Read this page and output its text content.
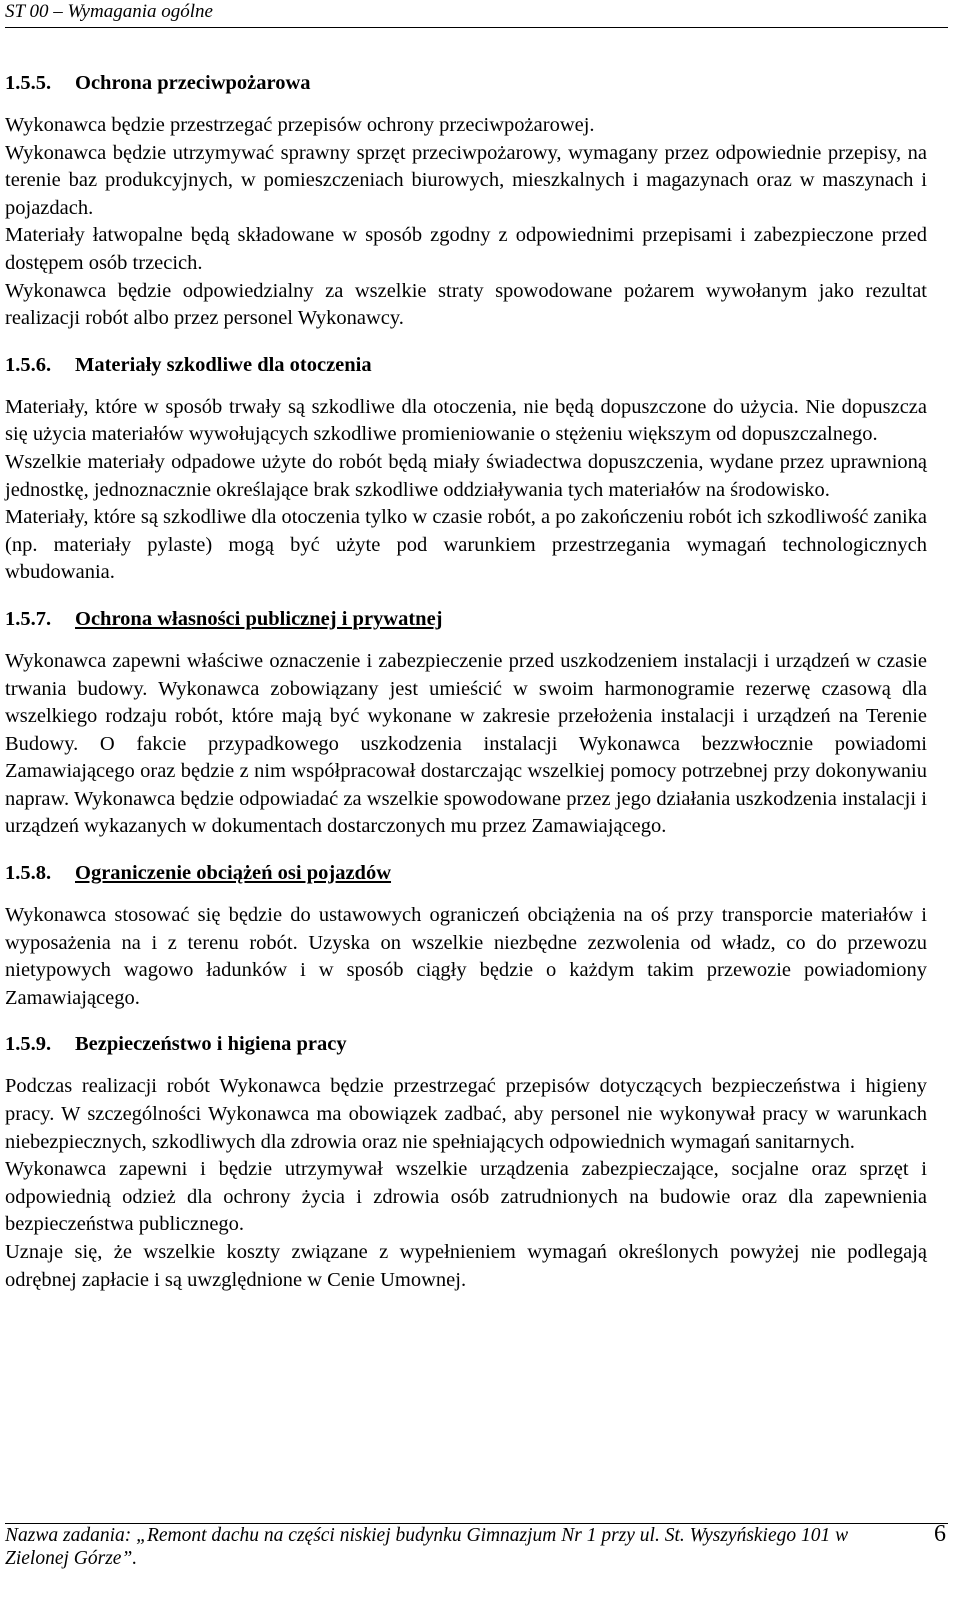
ST 00 – Wymagania ogólne
1.5.5. Ochrona przeciwpożarowa

Wykonawca będzie przestrzegać przepisów ochrony przeciwpożarowej.

Wykonawca będzie utrzymywać sprawny sprzęt przeciwpożarowy, wymagany przez odpowiednie przepisy, na terenie baz produkcyjnych, w pomieszczeniach biurowych, mieszkalnych i magazynach oraz w maszynach i pojazdach.

Materiały łatwopalne będą składowane w sposób zgodny z odpowiednimi przepisami i zabezpieczone przed dostępem osób trzecich.

Wykonawca będzie odpowiedzialny za wszelkie straty spowodowane pożarem wywołanym jako rezultat realizacji robót albo przez personel Wykonawcy.

1.5.6. Materiały szkodliwe dla otoczenia

Materiały, które w sposób trwały są szkodliwe dla otoczenia, nie będą dopuszczone do użycia. Nie dopuszcza się użycia materiałów wywołujących szkodliwe promieniowanie o stężeniu większym od dopuszczalnego.

Wszelkie materiały odpadowe użyte do robót będą miały świadectwa dopuszczenia, wydane przez uprawnioną jednostkę, jednoznacznie określające brak szkodliwe oddziaływania tych materiałów na środowisko.

Materiały, które są szkodliwe dla otoczenia tylko w czasie robót, a po zakończeniu robót ich szkodliwość zanika (np. materiały pylaste) mogą być użyte pod warunkiem przestrzegania wymagań technologicznych wbudowania.

1.5.7. Ochrona własności publicznej i prywatnej

Wykonawca zapewni właściwe oznaczenie i zabezpieczenie przed uszkodzeniem instalacji i urządzeń w czasie trwania budowy. Wykonawca zobowiązany jest umieścić w swoim harmonogramie rezerwę czasową dla wszelkiego rodzaju robót, które mają być wykonane w zakresie przełożenia instalacji i urządzeń na Terenie Budowy. O fakcie przypadkowego uszkodzenia instalacji Wykonawca bezzwłocznie powiadomi Zamawiającego oraz będzie z nim współpracował dostarczając wszelkiej pomocy potrzebnej przy dokonywaniu napraw. Wykonawca będzie odpowiadać za wszelkie spowodowane przez jego działania uszkodzenia instalacji i urządzeń wykazanych w dokumentach dostarczonych mu przez Zamawiającego.

1.5.8. Ograniczenie obciążeń osi pojazdów

Wykonawca stosować się będzie do ustawowych ograniczeń obciążenia na oś przy transporcie materiałów i wyposażenia na i z terenu robót. Uzyska on wszelkie niezbędne zezwolenia od władz, co do przewozu nietypowych wagowo ładunków i w sposób ciągły będzie o każdym takim przewozie powiadomiony Zamawiającego.

1.5.9. Bezpieczeństwo i higiena pracy

Podczas realizacji robót Wykonawca będzie przestrzegać przepisów dotyczących bezpieczeństwa i higieny pracy. W szczególności Wykonawca ma obowiązek zadbać, aby personel nie wykonywał pracy w warunkach niebezpiecznych, szkodliwych dla zdrowia oraz nie spełniających odpowiednich wymagań sanitarnych.

Wykonawca zapewni i będzie utrzymywał wszelkie urządzenia zabezpieczające, socjalne oraz sprzęt i odpowiednią odzież dla ochrony życia i zdrowia osób zatrudnionych na budowie oraz dla zapewnienia bezpieczeństwa publicznego.

Uznaje się, że wszelkie koszty związane z wypełnieniem wymagań określonych powyżej nie podlegają odrębnej zapłacie i są uwzględnione w Cenie Umownej.

Nazwa zadania: „Remont dachu na części niskiej budynku Gimnazjum Nr 1 przy ul. St. Wyszyńskiego 101 w Zielonej Górze”.
6
